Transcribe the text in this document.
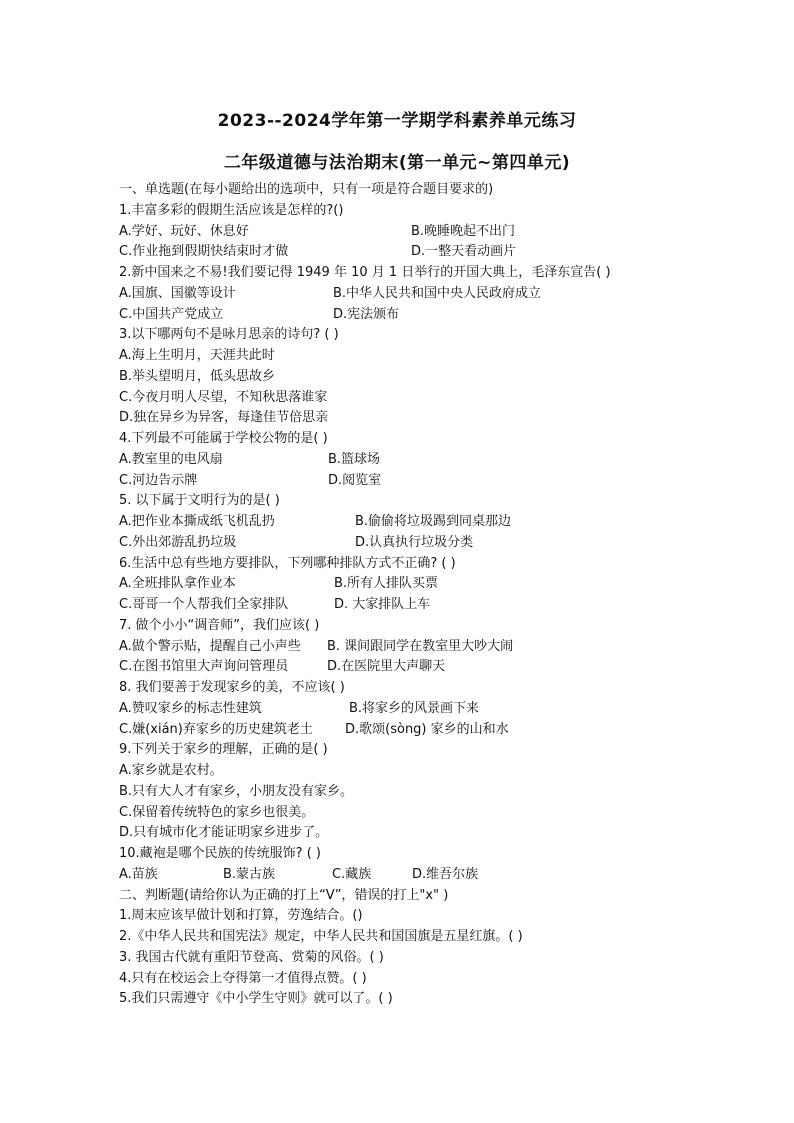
2023--2024学年第一学期学科素养单元练习
二年级道德与法治期末(第一单元~第四单元)
一、单选题(在每小题给出的选项中，只有一项是符合题目要求的)
1.丰富多彩的假期生活应该是怎样的?()
A.学好、玩好、休息好	B.晚睡晚起不出门
C.作业拖到假期快结束时才做	D.一整天看动画片
2.新中国来之不易!我们要记得 1949 年 10 月 1 日举行的开国大典上，毛泽东宣告( )
A.国旗、国徽等设计	B.中华人民共和国中央人民政府成立
C.中国共产党成立	D.宪法颁布
3.以下哪两句不是咏月思亲的诗句? ( )
A.海上生明月，天涯共此时
B.举头望明月，低头思故乡
C.今夜月明人尽望，不知秋思落谁家
D.独在异乡为异客，每逢佳节倍思亲
4.下列最不可能属于学校公物的是( )
A.教室里的电风扇	B.篮球场
C.河边告示牌	D.阅览室
5. 以下属于文明行为的是( )
A.把作业本撕成纸飞机乱扔	B.偷偷将垃圾踢到同桌那边
C.外出郊游乱扔垃圾	D.认真执行垃圾分类
6.生活中总有些地方要排队，下列哪种排队方式不正确? ( )
A.全班排队拿作业本	B.所有人排队买票
C.哥哥一个人帮我们全家排队	D. 大家排队上车
7. 做个小小“调音师”，我们应该( )
A.做个警示贴，提醒自己小声些 B. 课间跟同学在教室里大吵大闹
C.在图书馆里大声询问管理员	D.在医院里大声聊天
8. 我们要善于发现家乡的美，不应该( )
A.赞叹家乡的标志性建筑	B.将家乡的风景画下来
C.嫌(xián)弃家乡的历史建筑老土 D.歌颂(sòng) 家乡的山和水
9.下列关于家乡的理解，正确的是( )
A.家乡就是农村。
B.只有大人才有家乡，小朋友没有家乡。
C.保留着传统特色的家乡也很美。
D.只有城市化才能证明家乡进步了。
10.藏袍是哪个民族的传统服饰? ( )
A.苗族	B.蒙古族	C.藏族	D.维吾尔族
二、判断题(请给你认为正确的打上“V”，错误的打上"x" )
1.周末应该早做计划和打算，劳逸结合。()
2.《中华人民共和国宪法》规定，中华人民共和国国旗是五星红旗。( )
3. 我国古代就有重阳节登高、赏菊的风俗。( )
4.只有在校运会上夺得第一才值得点赞。( )
5.我们只需遵守《中小学生守则》就可以了。( )
